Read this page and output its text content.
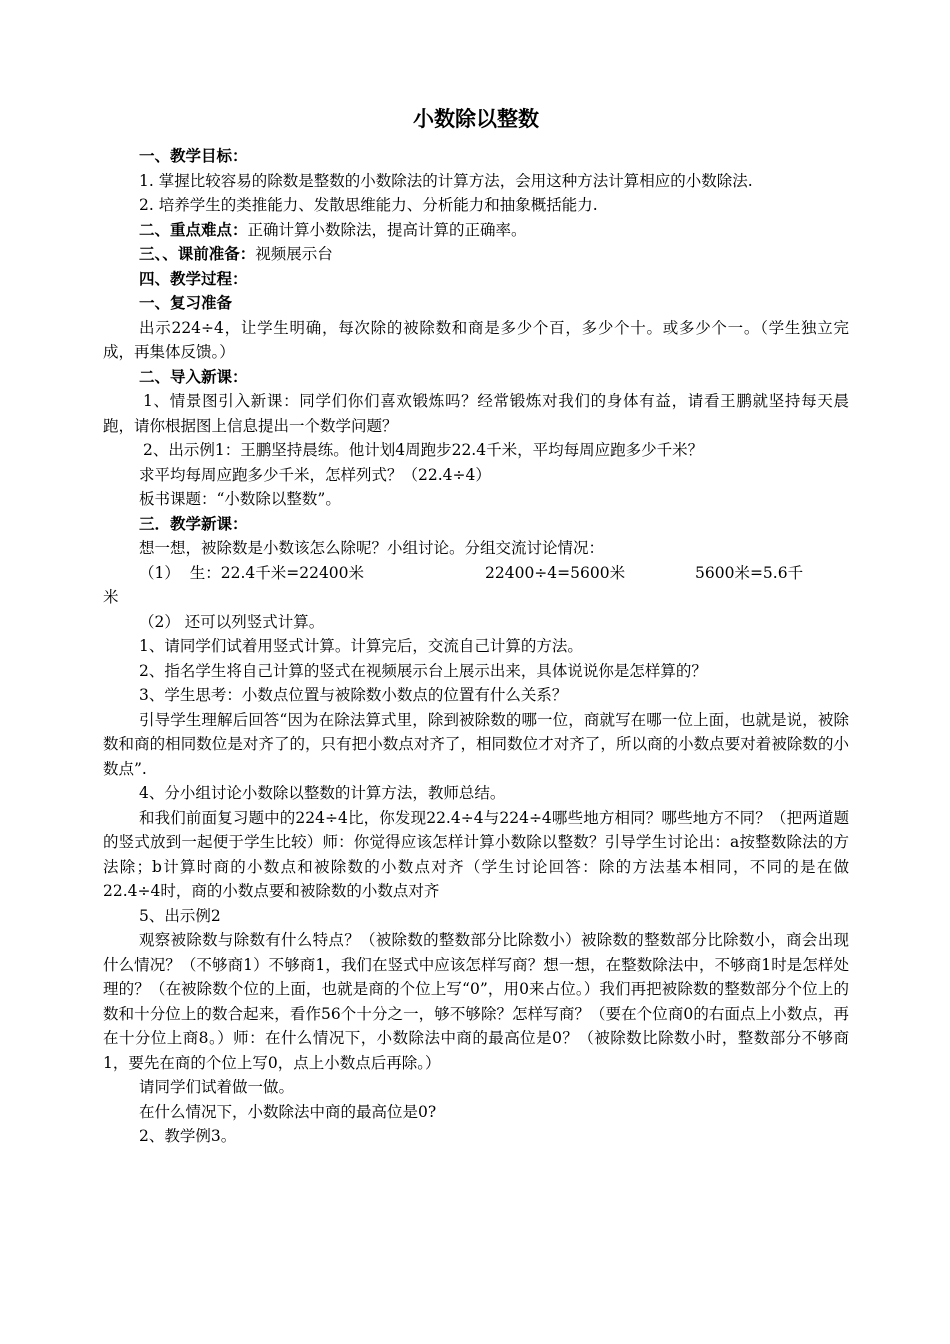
小数除以整数

一、教学目标：

1. 掌握比较容易的除数是整数的小数除法的计算方法，会用这种方法计算相应的小数除法.

2. 培养学生的类推能力、发散思维能力、分析能力和抽象概括能力.

二、重点难点：正确计算小数除法，提高计算的正确率。

三、、课前准备：视频展示台

四、教学过程：

一、复习准备

出示224÷4，让学生明确，每次除的被除数和商是多少个百，多少个十。或多少个一。（学生独立完成，再集体反馈。）

二、导入新课：

1、情景图引入新课：同学们你们喜欢锻炼吗？经常锻炼对我们的身体有益，请看王鹏就坚持每天晨跑，请你根据图上信息提出一个数学问题？

2、出示例1：王鹏坚持晨练。他计划4周跑步22.4千米，平均每周应跑多少千米？

求平均每周应跑多少千米，怎样列式？（22.4÷4）

板书课题：“小数除以整数”。

三．教学新课：

想一想，被除数是小数该怎么除呢？小组讨论。分组交流讨论情况：

（1）  生：22.4千米=22400米	22400÷4=5600米	5600米=5.6千

米

（2） 还可以列竖式计算。

1、请同学们试着用竖式计算。计算完后，交流自己计算的方法。

2、指名学生将自己计算的竖式在视频展示台上展示出来，具体说说你是怎样算的？

3、学生思考：小数点位置与被除数小数点的位置有什么关系？

引导学生理解后回答“因为在除法算式里，除到被除数的哪一位，商就写在哪一位上面，也就是说，被除数和商的相同数位是对齐了的，只有把小数点对齐了，相同数位才对齐了，所以商的小数点要对着被除数的小数点”.

4、分小组讨论小数除以整数的计算方法，教师总结。

和我们前面复习题中的224÷4比，你发现22.4÷4与224÷4哪些地方相同？哪些地方不同？（把两道题的竖式放到一起便于学生比较）师：你觉得应该怎样计算小数除以整数？引导学生讨论出：a按整数除法的方法除；b计算时商的小数点和被除数的小数点对齐（学生讨论回答：除的方法基本相同，不同的是在做22.4÷4时，商的小数点要和被除数的小数点对齐

5、出示例2

观察被除数与除数有什么特点？（被除数的整数部分比除数小）被除数的整数部分比除数小，商会出现什么情况？（不够商1）不够商1，我们在竖式中应该怎样写商？想一想，在整数除法中，不够商1时是怎样处理的？（在被除数个位的上面，也就是商的个位上写“0”，用0来占位。）我们再把被除数的整数部分个位上的数和十分位上的数合起来，看作56个十分之一，够不够除？怎样写商？（要在个位商0的右面点上小数点，再在十分位上商8。）师：在什么情况下，小数除法中商的最高位是0？（被除数比除数小时，整数部分不够商1，要先在商的个位上写0，点上小数点后再除。）

请同学们试着做一做。

在什么情况下，小数除法中商的最高位是0?

2、教学例3。
